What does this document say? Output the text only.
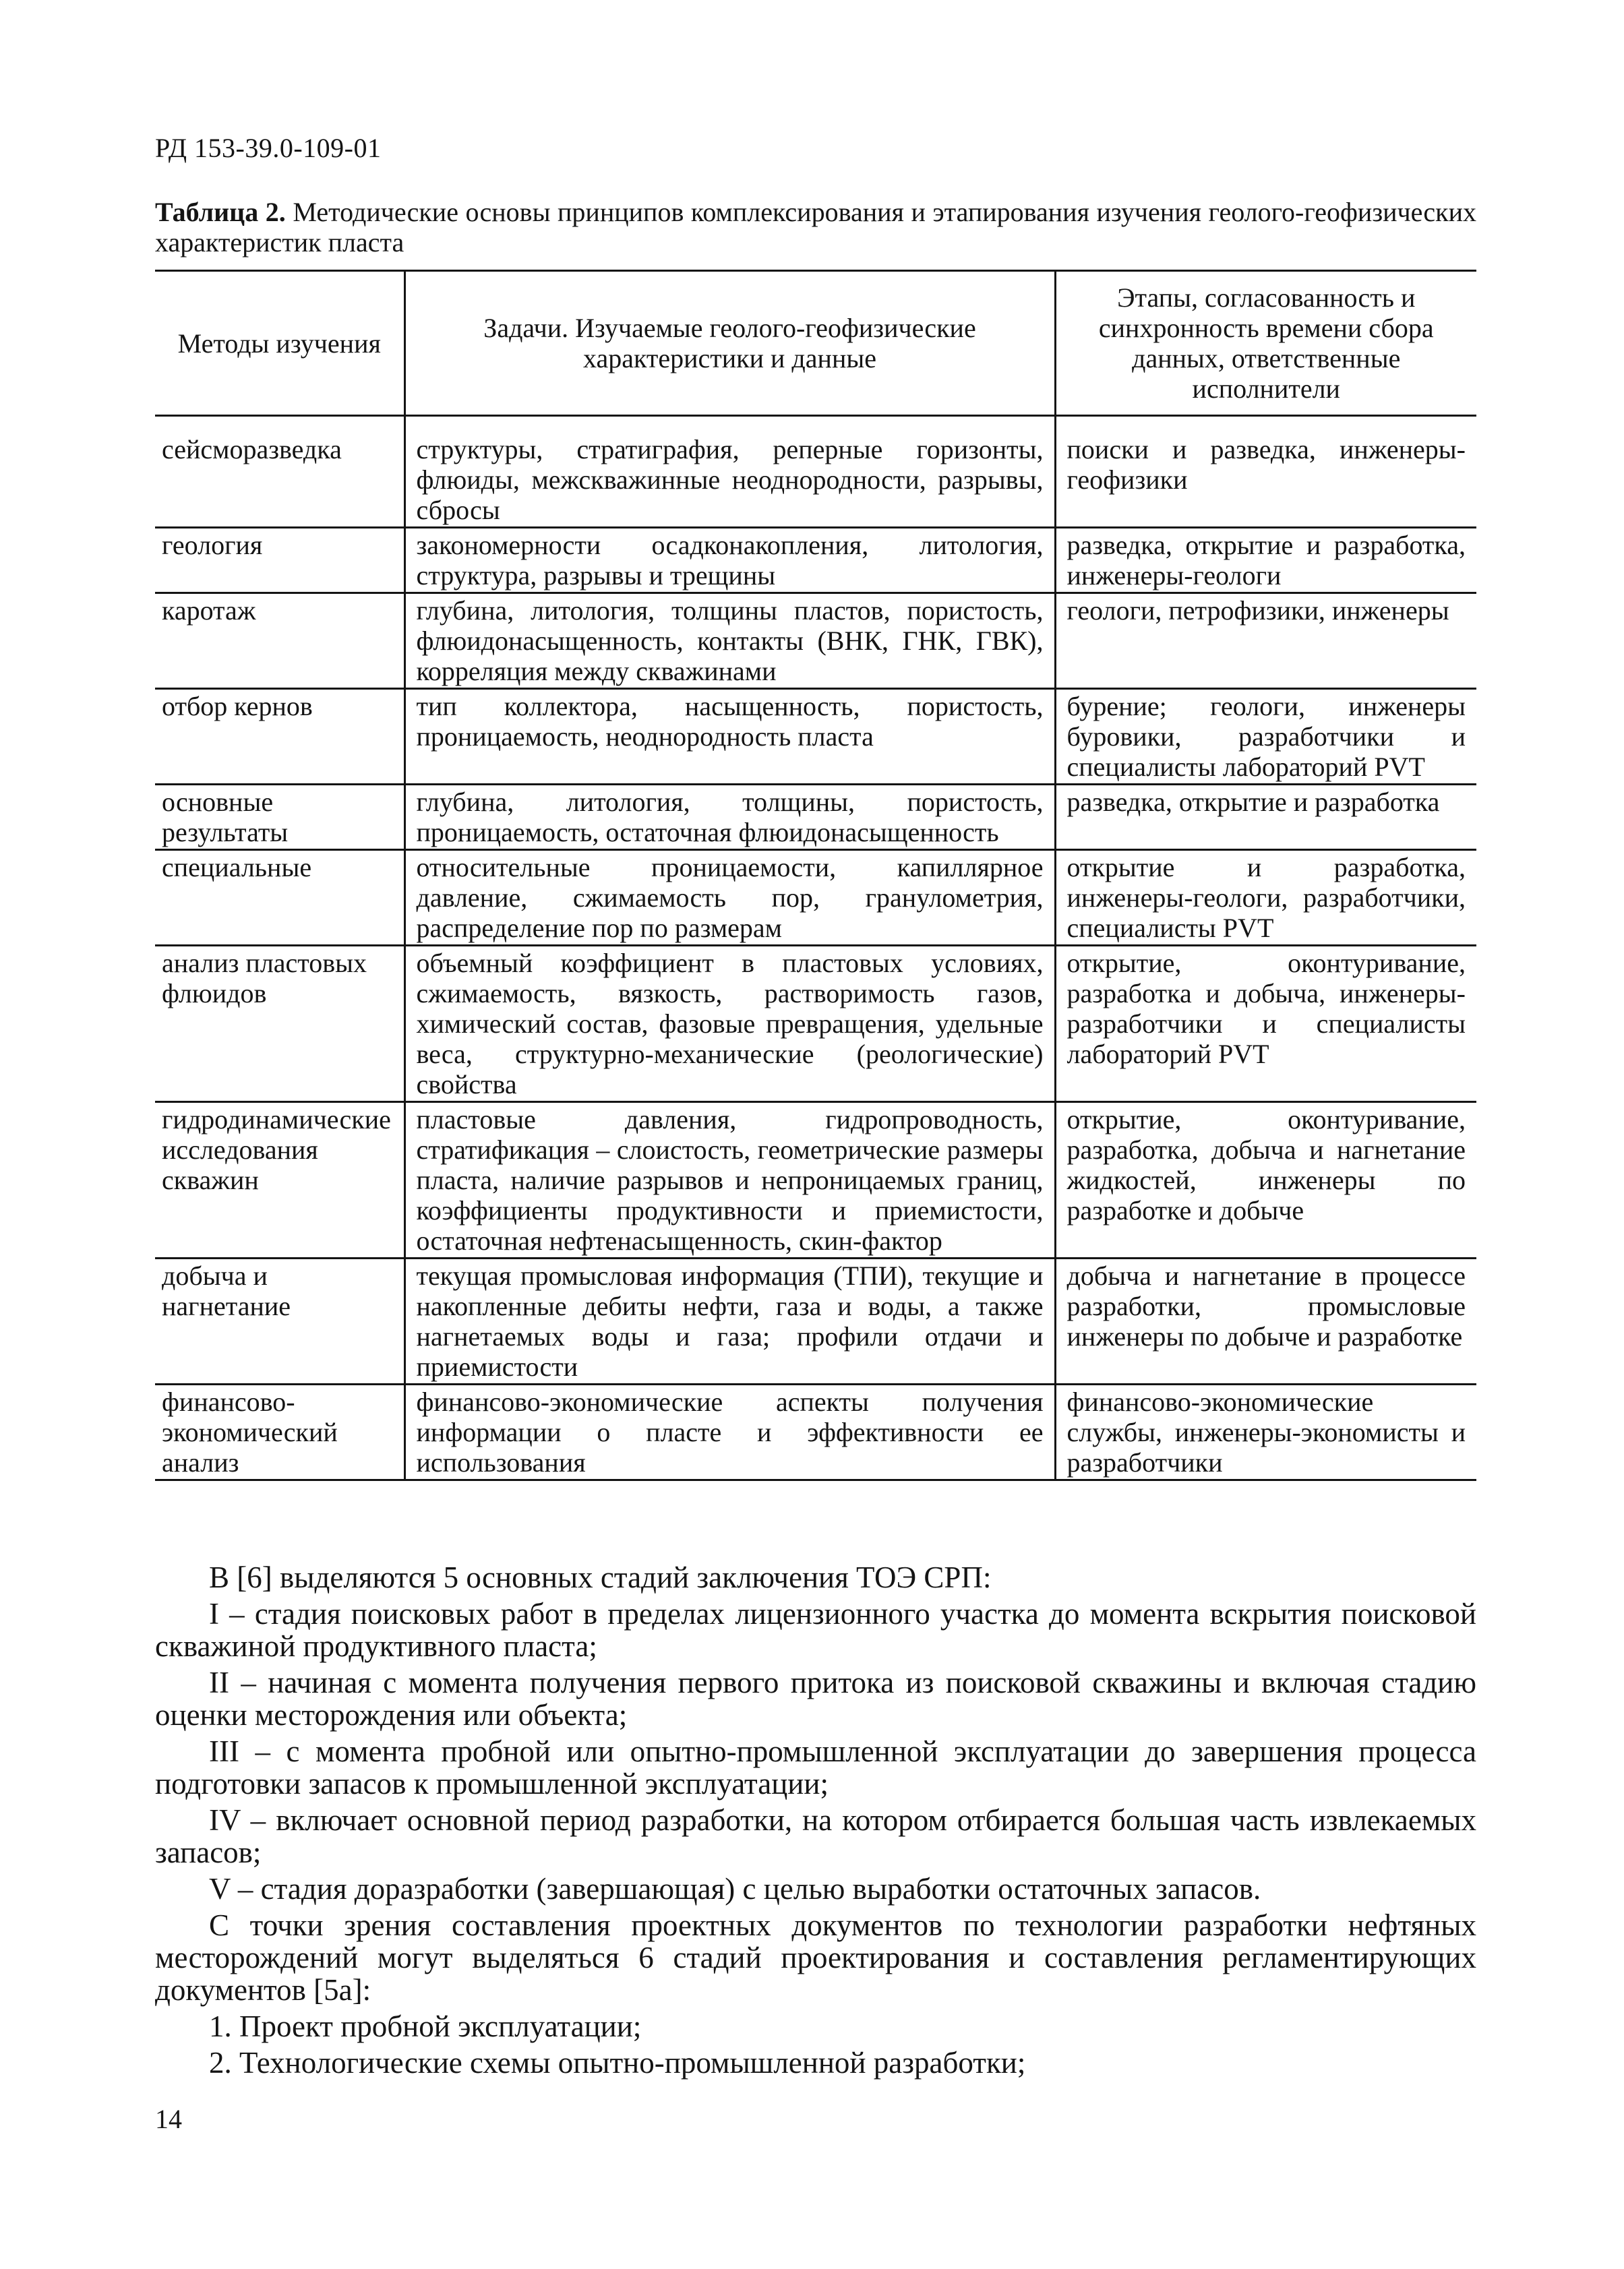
РД 153-39.0-109-01
Таблица 2. Методические основы принципов комплексирования и этапирования изучения геолого-геофизических характеристик пласта
Методы изучения	Задачи. Изучаемые геолого-геофизические характеристики и данные	Этапы, согласованность и синхронность времени сбора данных, ответственные исполнители
сейсморазведка	структуры, стратиграфия, реперные горизонты, флюиды, межскважинные неоднородности, разрывы, сбросы	поиски и разведка, инженеры-геофизики
геология	закономерности осадконакопления, литология, структура, разрывы и трещины	разведка, открытие и разработка, инженеры-геологи
каротаж	глубина, литология, толщины пластов, пористость, флюидонасыщенность, контакты (ВНК, ГНК, ГВК), корреляция между скважинами	геологи, петрофизики, инженеры
отбор кернов	тип коллектора, насыщенность, пористость, проницаемость, неоднородность пласта	бурение; геологи, инженеры буровики, разработчики и специалисты лабораторий PVT
основные результаты	глубина, литология, толщины, пористость, проницаемость, остаточная флюидонасыщенность	разведка, открытие и разработка
специальные	относительные проницаемости, капиллярное давление, сжимаемость пор, гранулометрия, распределение пор по размерам	открытие и разработка, инженеры-геологи, разработчики, специалисты PVT
анализ пластовых флюидов	объемный коэффициент в пластовых условиях, сжимаемость, вязкость, растворимость газов, химический состав, фазовые превращения, удельные веса, структурно-механические (реологические) свойства	открытие, оконтуривание, разработка и добыча, инженеры-разработчики и специалисты лабораторий PVT
гидродинамические исследования скважин	пластовые давления, гидропроводность, стратификация – слоистость, геометрические размеры пласта, наличие разрывов и непроницаемых границ, коэффициенты продуктивности и приемистости, остаточная нефтенасыщенность, скин-фактор	открытие, оконтуривание, разработка, добыча и нагнетание жидкостей, инженеры по разработке и добыче
добыча и нагнетание	текущая промысловая информация (ТПИ), текущие и накопленные дебиты нефти, газа и воды, а также нагнетаемых воды и газа; профили отдачи и приемистости	добыча и нагнетание в процессе разработки, промысловые инженеры по добыче и разработке
финансово-экономический анализ	финансово-экономические аспекты получения информации о пласте и эффективности ее использования	финансово-экономические службы, инженеры-экономисты и разработчики

В [6] выделяются 5 основных стадий заключения ТОЭ СРП:

I – стадия поисковых работ в пределах лицензионного участка до момента вскрытия поисковой скважиной продуктивного пласта;

II – начиная с момента получения первого притока из поисковой скважины и включая стадию оценки месторождения или объекта;

III – с момента пробной или опытно-промышленной эксплуатации до завершения процесса подготовки запасов к промышленной эксплуатации;

IV – включает основной период разработки, на котором отбирается большая часть извлекаемых запасов;

V – стадия доразработки (завершающая) с целью выработки остаточных запасов.

С точки зрения составления проектных документов по технологии разработки нефтяных месторождений могут выделяться 6 стадий проектирования и составления регламентирующих документов [5а]:

1. Проект пробной эксплуатации;

2. Технологические схемы опытно-промышленной разработки;

14
